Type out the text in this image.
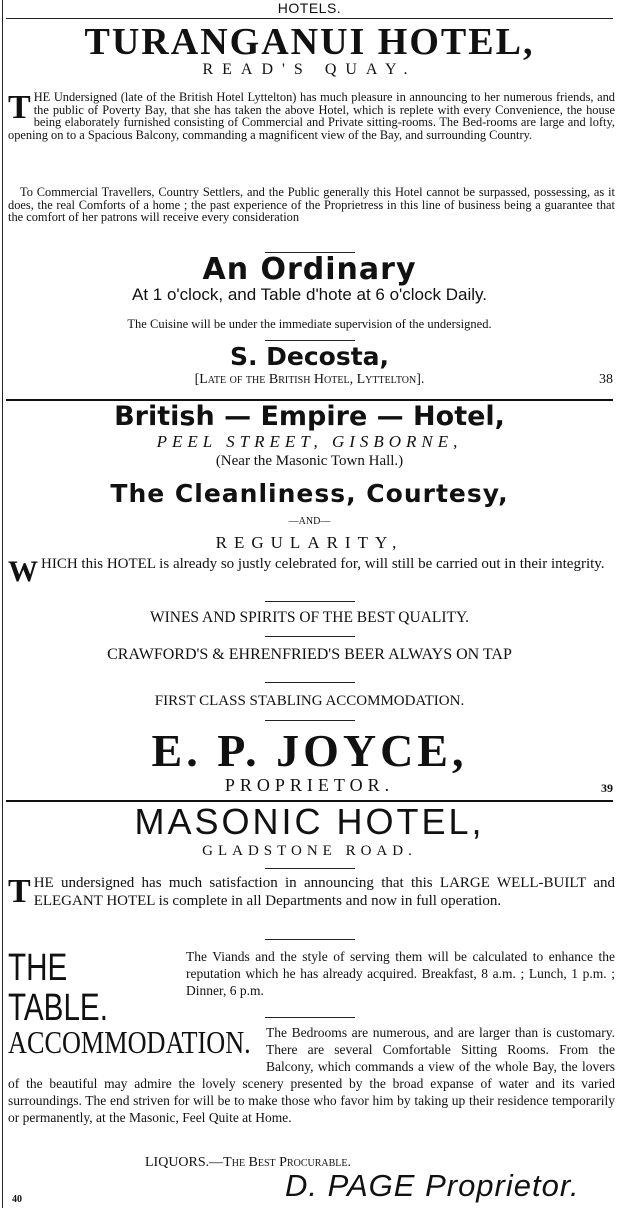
HOTELS.
TURANGANUI HOTEL,
READ'S QUAY.
T HE Undersigned (late of the British Hotel Lyttelton) has much pleasure in announcing to her numerous friends, and the public of Poverty Bay, that she has taken the above Hotel, which is replete with every Convenience, the house being elaborately furnished consisting of Commercial and Private sitting-rooms. The Bed-rooms are large and lofty, opening on to a Spacious Balcony, commanding a magnificent view of the Bay, and surrounding Country.
To Commercial Travellers, Country Settlers, and the Public generally this Hotel cannot be surpassed, possessing, as it does, the real Comforts of a home ; the past experience of the Proprietress in this line of business being a guarantee that the comfort of her patrons will receive every consideration
An Ordinary
At 1 o'clock, and Table d'hote at 6 o'clock Daily.
The Cuisine will be under the immediate supervision of the undersigned.
S. Decosta,
[Late of the British Hotel, Lyttelton].	38
British — Empire — Hotel,
PEEL STREET, GISBORNE,
(Near the Masonic Town Hall.)
The Cleanliness, Courtesy,
—AND—
REGULARITY,
W HICH this HOTEL is already so justly celebrated for, will still be carried out in their integrity.
WINES AND SPIRITS OF THE BEST QUALITY.
CRAWFORD'S & EHRENFRIED'S BEER ALWAYS ON TAP
FIRST CLASS STABLING ACCOMMODATION.
E. P. JOYCE,
PROPRIETOR.	39
MASONIC HOTEL,
GLADSTONE ROAD.
T HE undersigned has much satisfaction in announcing that this LARGE WELL-BUILT and ELEGANT HOTEL is complete in all Departments and now in full operation.
THE TABLE.
The Viands and the style of serving them will be calculated to enhance the reputation which he has already acquired. Breakfast, 8 a.m. ; Lunch, 1 p.m. ; Dinner, 6 p.m.
ACCOMMODATION. The Bedrooms are numerous, and are larger than is customary. There are several Comfortable Sitting Rooms. From the Balcony, which commands a view of the whole Bay, the lovers of the beautiful may admire the lovely scenery presented by the broad expanse of water and its varied surroundings. The end striven for will be to make those who favor him by taking up their residence temporarily or permanently, at the Masonic, Feel Quite at Home.
LIQUORS.—The Best Procurable.
40	D. PAGE Proprietor.
